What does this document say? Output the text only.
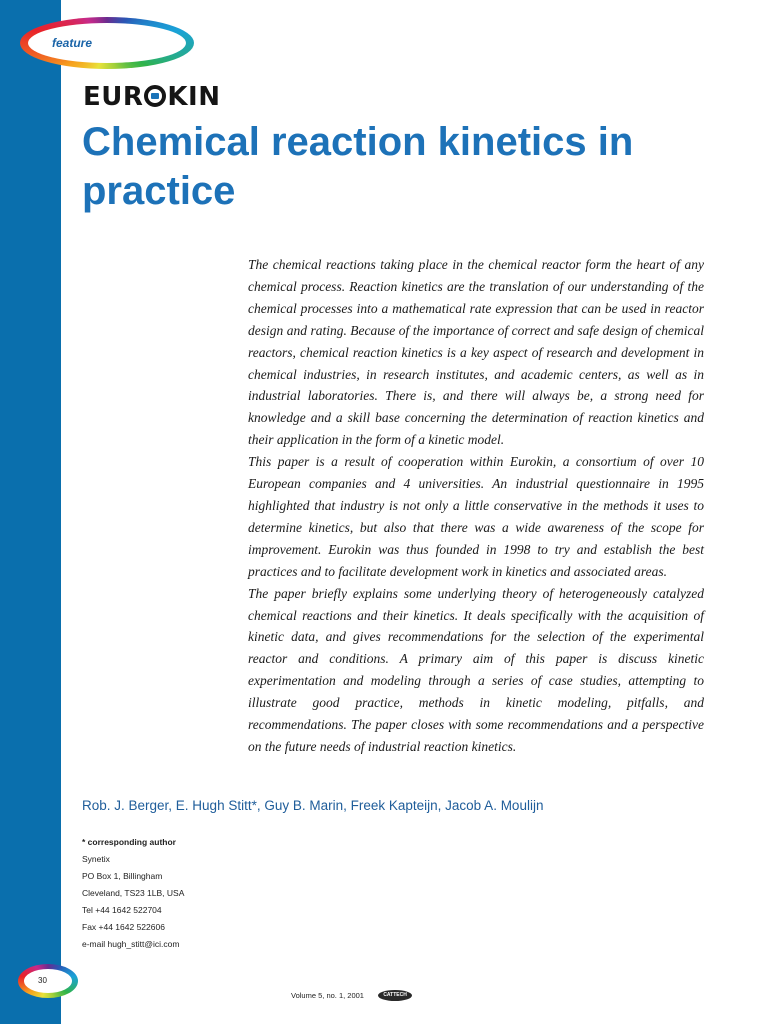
feature
EUR KIN
Chemical reaction kinetics in practice

The chemical reactions taking place in the chemical reactor form the heart of any chemical process. Reaction kinetics are the translation of our understanding of the chemical processes into a mathematical rate expression that can be used in reactor design and rating. Because of the importance of correct and safe design of chemical reactors, chemical reaction kinetics is a key aspect of research and development in chemical industries, in research institutes, and academic centers, as well as in industrial laboratories. There is, and there will always be, a strong need for knowledge and a skill base concerning the determination of reaction kinetics and their application in the form of a kinetic model.

This paper is a result of cooperation within Eurokin, a consortium of over 10 European companies and 4 universities. An industrial questionnaire in 1995 highlighted that industry is not only a little conservative in the methods it uses to determine kinetics, but also that there was a wide awareness of the scope for improvement. Eurokin was thus founded in 1998 to try and establish the best practices and to facilitate development work in kinetics and associated areas.

The paper briefly explains some underlying theory of heterogeneously catalyzed chemical reactions and their kinetics. It deals specifically with the acquisition of kinetic data, and gives recommendations for the selection of the experimental reactor and conditions. A primary aim of this paper is discuss kinetic experimentation and modeling through a series of case studies, attempting to illustrate good practice, methods in kinetic modeling, pitfalls, and recommendations. The paper closes with some recommendations and a perspective on the future needs of industrial reaction kinetics.

Rob. J. Berger, E. Hugh Stitt*, Guy B. Marin, Freek Kapteijn, Jacob A. Moulijn
* corresponding author
Synetix
PO Box 1, Billingham
Cleveland, TS23 1LB, USA
Tel +44 1642 522704
Fax +44 1642 522606
e-mail hugh_stitt@ici.com
30
Volume 5, no. 1, 2001	CATTECH
